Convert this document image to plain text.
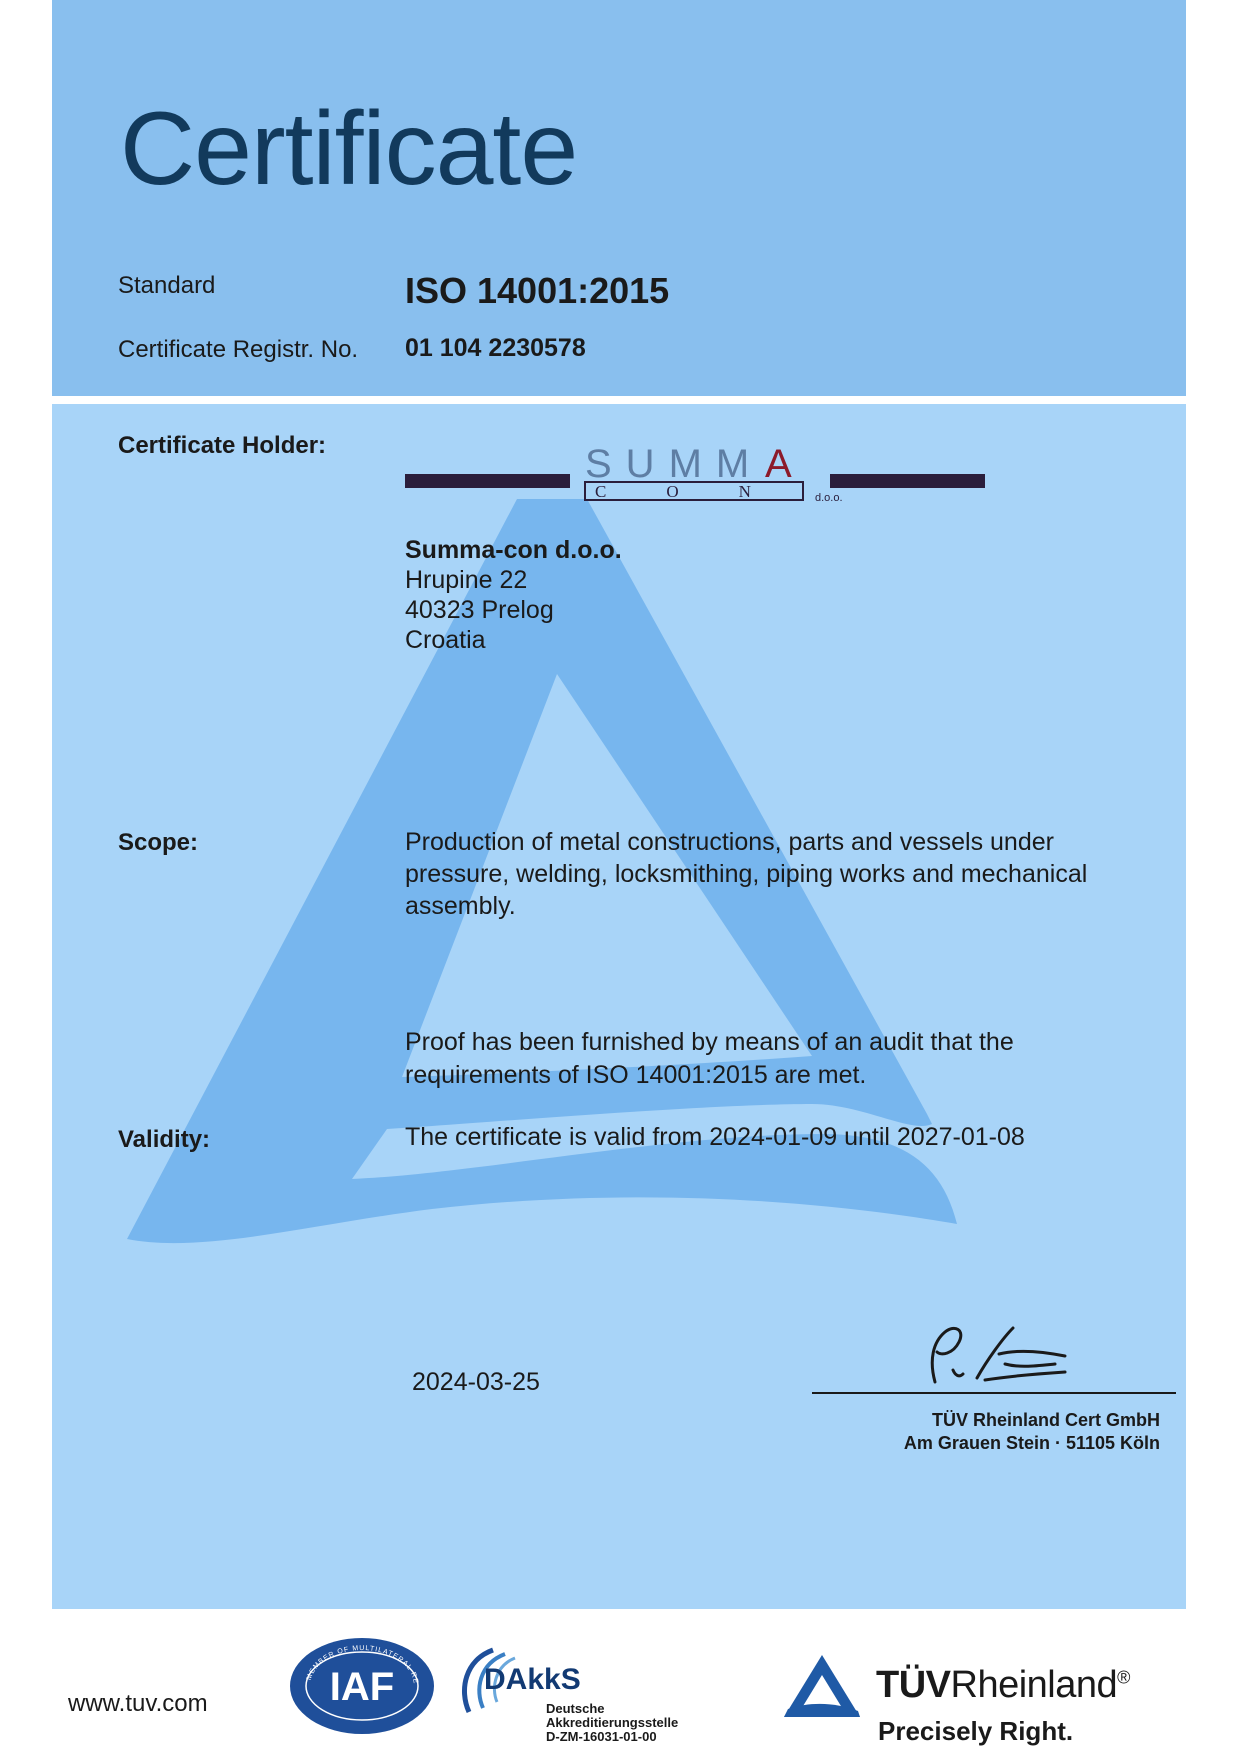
Certificate
Standard	ISO 14001:2015
Certificate Registr. No. 01 104 2230578
Certificate Holder:	SUMM A
CON d.o.o.
Summa-con d.o.o.
Hrupine 22
40323 Prelog
Croatia
Scope:	Production of metal constructions, parts and vessels under pressure, welding, locksmithing, piping works and mechanical assembly.
Proof has been furnished by means of an audit that the requirements of ISO 14001:2015 are met.
Validity:	The certificate is valid from 2024-01-09 until 2027-01-08
2024-03-25
TÜV Rheinland Cert GmbH
Am Grauen Stein · 51105 Köln
www.tuv.com
MEMBER OF MULTILATERAL RE
IAF	DAkkS
Deutsche
Akkreditierungsstelle
D-ZM-16031-01-00
TÜVRheinland®
Precisely Right.
